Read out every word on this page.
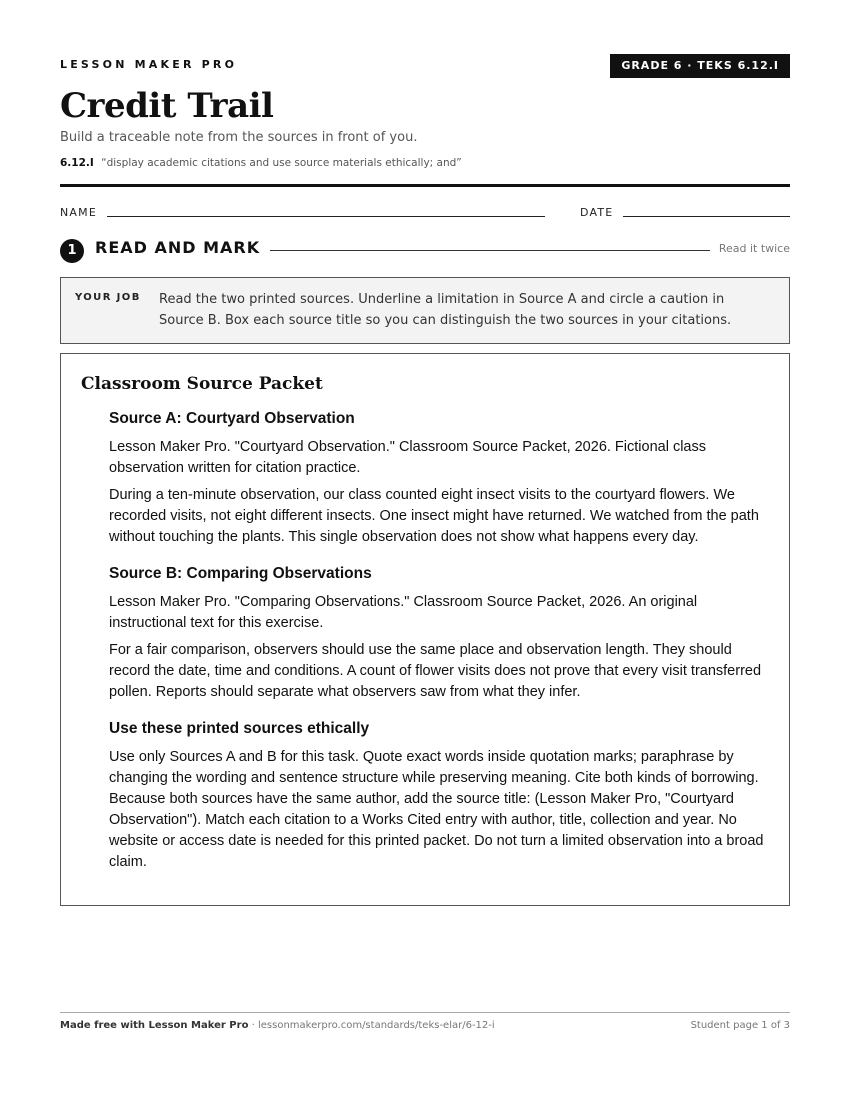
LESSON MAKER PRO	GRADE 6 · TEKS 6.12.I
Credit Trail
Build a traceable note from the sources in front of you.
6.12.I “display academic citations and use source materials ethically; and”
NAME	DATE
1	READ AND MARK	Read it twice
YOUR JOB Read the two printed sources. Underline a limitation in Source A and circle a caution in Source B. Box each source title so you can distinguish the two sources in your citations.
Classroom Source Packet

Source A: Courtyard Observation

Lesson Maker Pro. "Courtyard Observation." Classroom Source Packet, 2026. Fictional class observation written for citation practice.

During a ten-minute observation, our class counted eight insect visits to the courtyard flowers. We recorded visits, not eight different insects. One insect might have returned. We watched from the path without touching the plants. This single observation does not show what happens every day.

Source B: Comparing Observations

Lesson Maker Pro. "Comparing Observations." Classroom Source Packet, 2026. An original instructional text for this exercise.

For a fair comparison, observers should use the same place and observation length. They should record the date, time and conditions. A count of flower visits does not prove that every visit transferred pollen. Reports should separate what observers saw from what they infer.

Use these printed sources ethically

Use only Sources A and B for this task. Quote exact words inside quotation marks; paraphrase by changing the wording and sentence structure while preserving meaning. Cite both kinds of borrowing. Because both sources have the same author, add the source title: (Lesson Maker Pro, "Courtyard Observation"). Match each citation to a Works Cited entry with author, title, collection and year. No website or access date is needed for this printed packet. Do not turn a limited observation into a broad claim.

Made free with Lesson Maker Pro · lessonmakerpro.com/standards/teks-elar/6-12-i	Student page 1 of 3
